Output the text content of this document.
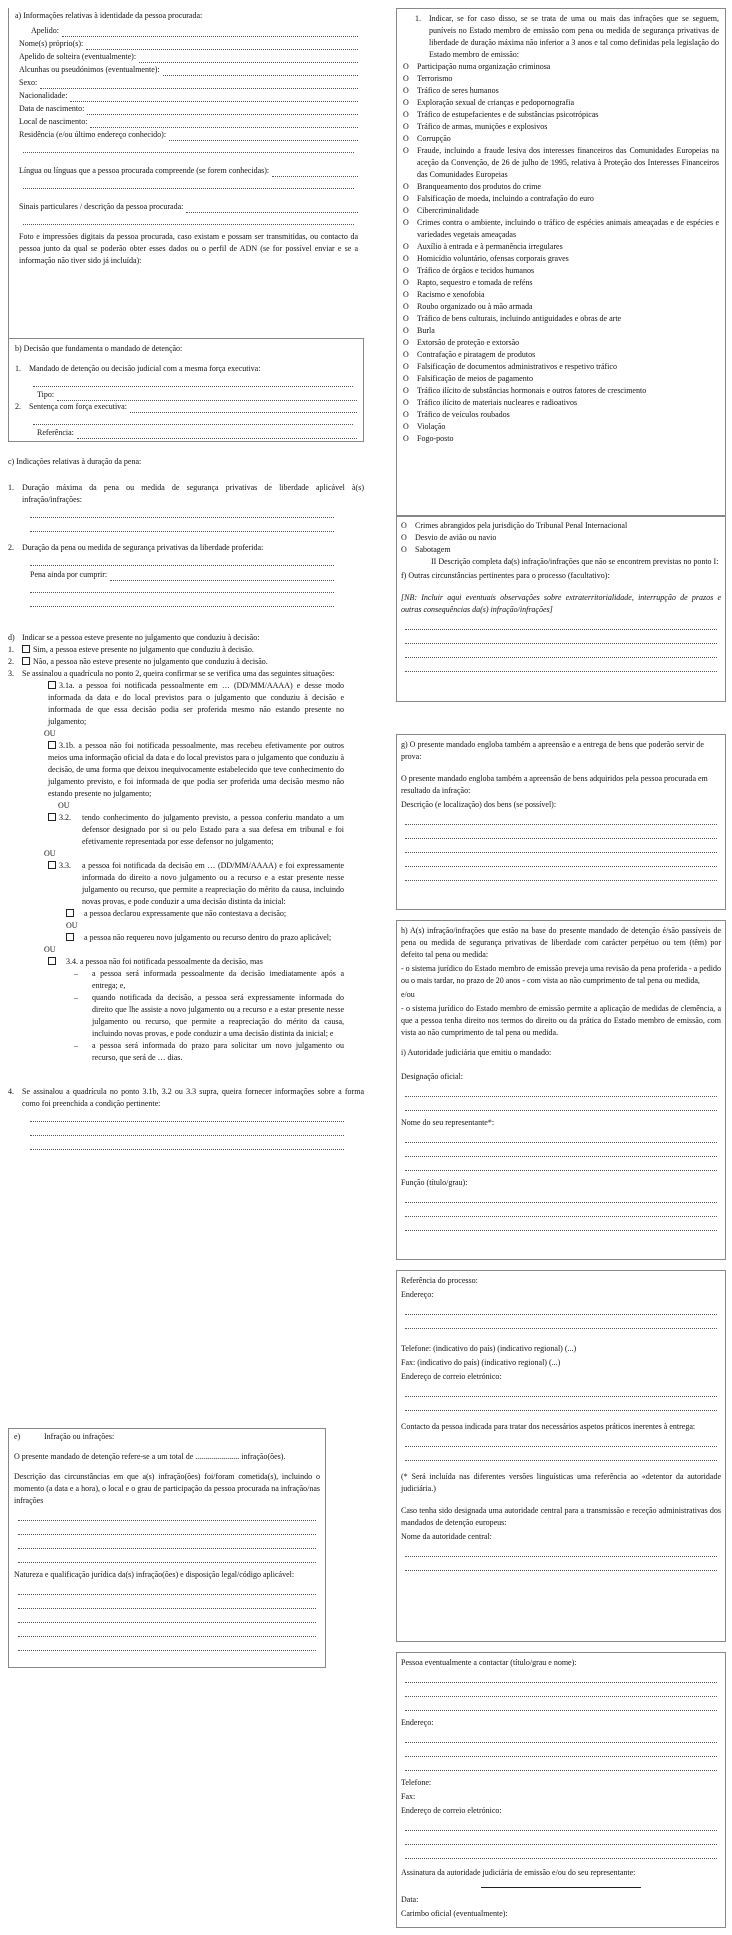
a) Informações relativas à identidade da pessoa procurada:
Apelido:
Nome(s) próprio(s):
Apelido de solteira (eventualmente):
Alcunhas ou pseudónimos (eventualmente):
Sexo:
Nacionalidade:
Data de nascimento:
Local de nascimento:
Residência (e/ou último endereço conhecido):
Língua ou línguas que a pessoa procurada compreende (se forem conhecidas):
Sinais particulares / descrição da pessoa procurada:
Foto e impressões digitais da pessoa procurada, caso existam e possam ser transmitidas, ou contacto da pessoa junto da qual se poderão obter esses dados ou o perfil de ADN (se for possível enviar e se a informação não tiver sido já incluída):
b) Decisão que fundamenta o mandado de detenção:
1.	Mandado de detenção ou decisão judicial com a mesma força executiva:
Tipo:
2.	Sentença com força executiva:
Referência:
c) Indicações relativas à duração da pena:
1.	Duração máxima da pena ou medida de segurança privativas de liberdade aplicável à(s) infração/infrações:
2.	Duração da pena ou medida de segurança privativas da liberdade proferida:
Pena ainda por cumprir:
d) Indicar se a pessoa esteve presente no julgamento que conduziu à decisão:
1.	Sim, a pessoa esteve presente no julgamento que conduziu à decisão.
2.	Não, a pessoa não esteve presente no julgamento que conduziu à decisão.
3.	Se assinalou a quadrícula no ponto 2, queira confirmar se se verifica uma das seguintes situações:
3.1a. a pessoa foi notificada pessoalmente em … (DD/MM/AAAA) e desse modo informada da data e do local previstos para o julgamento que conduziu à decisão e informada de que essa decisão podia ser proferida mesmo não estando presente no julgamento;
OU
3.1b. a pessoa não foi notificada pessoalmente, mas recebeu efetivamente por outros meios uma informação oficial da data e do local previstos para o julgamento que conduziu à decisão, de uma forma que deixou inequivocamente estabelecido que teve conhecimento do julgamento previsto, e foi informada de que podia ser proferida uma decisão mesmo não estando presente no julgamento;
OU
3.2.	tendo conhecimento do julgamento previsto, a pessoa conferiu mandato a um defensor designado por si ou pelo Estado para a sua defesa em tribunal e foi efetivamente representada por esse defensor no julgamento;
OU
3.3.	a pessoa foi notificada da decisão em … (DD/MM/AAAA) e foi expressamente informada do direito a novo julgamento ou a recurso e a estar presente nesse julgamento ou recurso, que permite a reapreciação do mérito da causa, incluindo novas provas, e pode conduzir a uma decisão distinta da inicial:
a pessoa declarou expressamente que não contestava a decisão;
OU
a pessoa não requereu novo julgamento ou recurso dentro do prazo aplicável;
OU
3.4. a pessoa não foi notificada pessoalmente da decisão, mas
–	a pessoa será informada pessoalmente da decisão imediatamente após a entrega; e,
–	quando notificada da decisão, a pessoa será expressamente informada do direito que lhe assiste a novo julgamento ou a recurso e a estar presente nesse julgamento ou recurso, que permite a reapreciação do mérito da causa, incluindo novas provas, e pode conduzir a uma decisão distinta da inicial; e
–	a pessoa será informada do prazo para solicitar um novo julgamento ou recurso, que será de … dias.
4.	Se assinalou a quadrícula no ponto 3.1b, 3.2 ou 3.3 supra, queira fornecer informações sobre a forma como foi preenchida a condição pertinente:
e)	Infração ou infrações:
O presente mandado de detenção refere-se a um total de ...................... infração(ões).
Descrição das circunstâncias em que a(s) infração(ões) foi/foram cometida(s), incluindo o momento (a data e a hora), o local e o grau de participação da pessoa procurada na infração/nas infrações
Natureza e qualificação jurídica da(s) infração(ões) e disposição legal/código aplicável:
1.	Indicar, se for caso disso, se se trata de uma ou mais das infrações que se seguem, puníveis no Estado membro de emissão com pena ou medida de segurança privativas de liberdade de duração máxima não inferior a 3 anos e tal como definidas pela legislação do Estado membro de emissão:
O	Participação numa organização criminosa
O	Terrorismo
O	Tráfico de seres humanos
O	Exploração sexual de crianças e pedopornografia
O	Tráfico de estupefacientes e de substâncias psicotrópicas
O	Tráfico de armas, munições e explosivos
O	Corrupção
O	Fraude, incluindo a fraude lesiva dos interesses financeiros das Comunidades Europeias na aceção da Convenção, de 26 de julho de 1995, relativa à Proteção dos Interesses Financeiros das Comunidades Europeias
O	Branqueamento dos produtos do crime
O	Falsificação de moeda, incluindo a contrafação do euro
O	Cibercriminalidade
O	Crimes contra o ambiente, incluindo o tráfico de espécies animais ameaçadas e de espécies e variedades vegetais ameaçadas
O	Auxílio à entrada e à permanência irregulares
O	Homicídio voluntário, ofensas corporais graves
O	Tráfico de órgãos e tecidos humanos
O	Rapto, sequestro e tomada de reféns
O	Racismo e xenofobia
O	Roubo organizado ou à mão armada
O	Tráfico de bens culturais, incluindo antiguidades e obras de arte
O	Burla
O	Extorsão de proteção e extorsão
O	Contrafação e piratagem de produtos
O	Falsificação de documentos administrativos e respetivo tráfico
O	Falsificação de meios de pagamento
O	Tráfico ilícito de substâncias hormonais e outros fatores de crescimento
O	Tráfico ilícito de materiais nucleares e radioativos
O	Tráfico de veículos roubados
O	Violação
O	Fogo-posto
O	Crimes abrangidos pela jurisdição do Tribunal Penal Internacional
O	Desvio de avião ou navio
O	Sabotagem
II Descrição completa da(s) infração/infrações que não se encontrem previstas no ponto I:
f) Outras circunstâncias pertinentes para o processo (facultativo):
[NB: Incluir aqui eventuais observações sobre extraterritorialidade, interrupção de prazos e outras consequências da(s) infração/infrações]
g) O presente mandado engloba também a apreensão e a entrega de bens que poderão servir de prova:
O presente mandado engloba também a apreensão de bens adquiridos pela pessoa procurada em resultado da infração:
Descrição (e localização) dos bens (se possível):
h) A(s) infração/infrações que estão na base do presente mandado de detenção é/são passíveis de pena ou medida de segurança privativas de liberdade com carácter perpétuo ou tem (têm) por defeito tal pena ou medida:
- o sistema jurídico do Estado membro de emissão preveja uma revisão da pena proferida - a pedido ou o mais tardar, no prazo de 20 anos - com vista ao não cumprimento de tal pena ou medida,
e/ou
- o sistema jurídico do Estado membro de emissão permite a aplicação de medidas de clemência, a que a pessoa tenha direito nos termos do direito ou da prática do Estado membro de emissão, com vista ao não cumprimento de tal pena ou medida.
i) Autoridade judiciária que emitiu o mandado:
Designação oficial:
Nome do seu representante*:
Função (título/grau):
Referência do processo:
Endereço:
Telefone: (indicativo do país) (indicativo regional) (...)
Fax: (indicativo do país) (indicativo regional) (...)
Endereço de correio eletrónico:
Contacto da pessoa indicada para tratar dos necessários aspetos práticos inerentes à entrega:
(* Será incluída nas diferentes versões linguísticas uma referência ao «detentor da autoridade judiciária.)
Caso tenha sido designada uma autoridade central para a transmissão e receção administrativas dos mandados de detenção europeus:
Nome da autoridade central:
Pessoa eventualmente a contactar (título/grau e nome):
Endereço:
Telefone:
Fax:
Endereço de correio eletrónico:
Assinatura da autoridade judiciária de emissão e/ou do seu representante:
Data:
Carimbo oficial (eventualmente):
